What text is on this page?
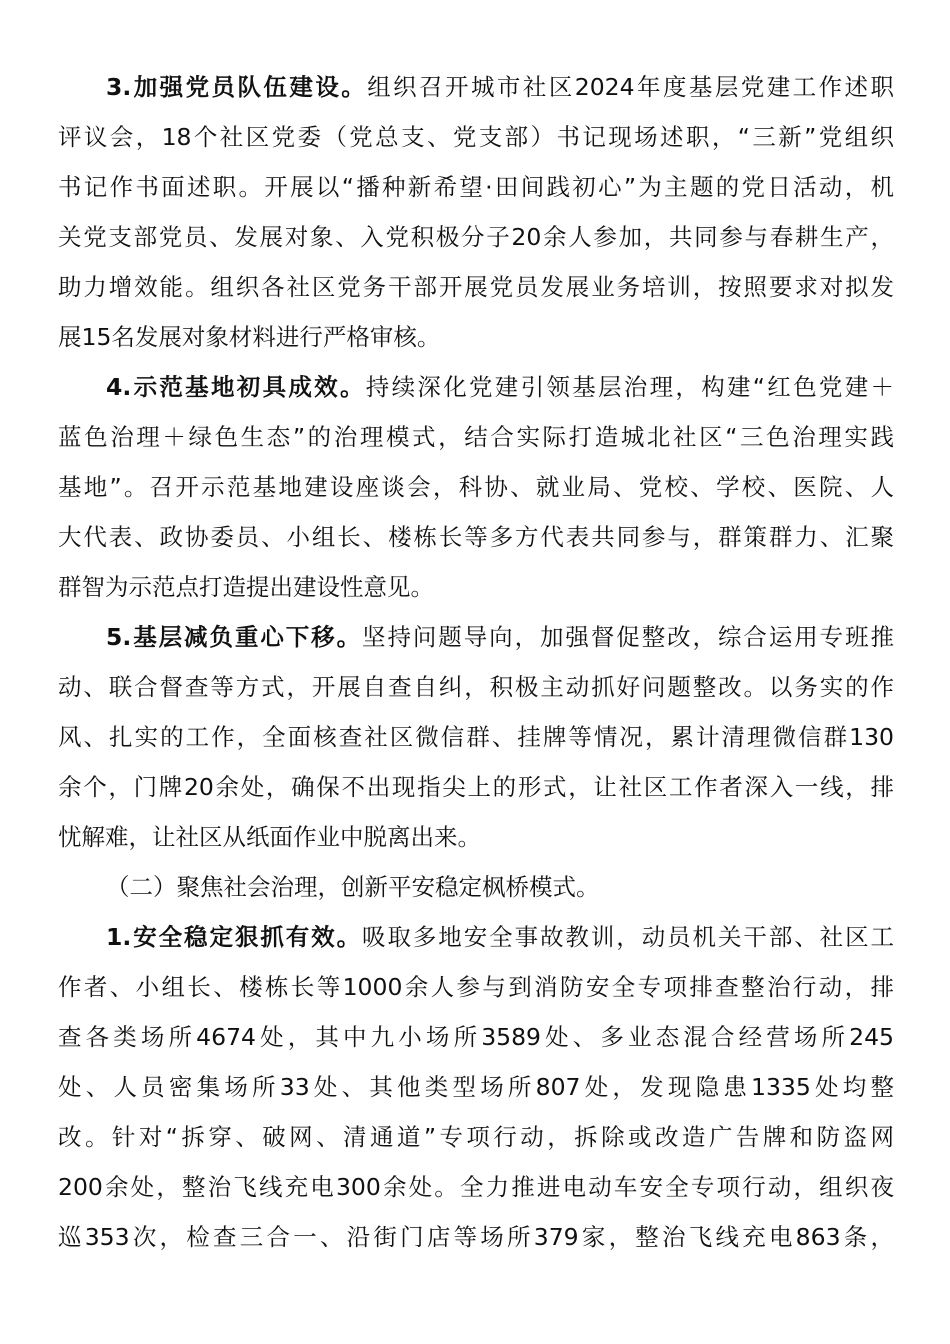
3.加强党员队伍建设。组织召开城市社区2024年度基层党建工作述职
评议会，18个社区党委（党总支、党支部）书记现场述职，“三新”党组织
书记作书面述职。开展以“播种新希望·田间践初心”为主题的党日活动，机
关党支部党员、发展对象、入党积极分子20余人参加，共同参与春耕生产，
助力增效能。组织各社区党务干部开展党员发展业务培训，按照要求对拟发
展15名发展对象材料进行严格审核。
4.示范基地初具成效。持续深化党建引领基层治理，构建“红色党建＋
蓝色治理＋绿色生态”的治理模式，结合实际打造城北社区“三色治理实践
基地”。召开示范基地建设座谈会，科协、就业局、党校、学校、医院、人
大代表、政协委员、小组长、楼栋长等多方代表共同参与，群策群力、汇聚
群智为示范点打造提出建设性意见。
5.基层减负重心下移。坚持问题导向，加强督促整改，综合运用专班推
动、联合督查等方式，开展自查自纠，积极主动抓好问题整改。以务实的作
风、扎实的工作，全面核查社区微信群、挂牌等情况，累计清理微信群130
余个，门牌20余处，确保不出现指尖上的形式，让社区工作者深入一线，排
忧解难，让社区从纸面作业中脱离出来。
（二）聚焦社会治理，创新平安稳定枫桥模式。
1.安全稳定狠抓有效。吸取多地安全事故教训，动员机关干部、社区工
作者、小组长、楼栋长等1000余人参与到消防安全专项排查整治行动，排
查各类场所4674处，其中九小场所3589处、多业态混合经营场所245
处、人员密集场所33处、其他类型场所807处，发现隐患1335处均整
改。针对“拆穿、破网、清通道”专项行动，拆除或改造广告牌和防盗网
200余处，整治飞线充电300余处。全力推进电动车安全专项行动，组织夜
巡353次，检查三合一、沿街门店等场所379家，整治飞线充电863条，
